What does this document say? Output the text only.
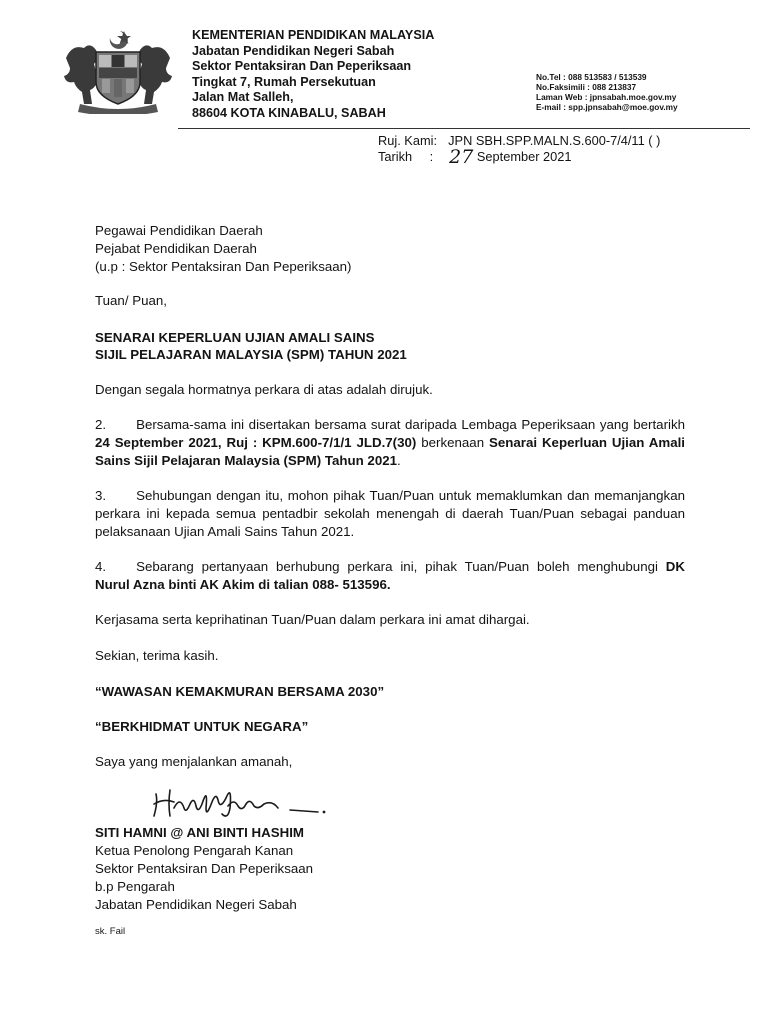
KEMENTERIAN PENDIDIKAN MALAYSIA
Jabatan Pendidikan Negeri Sabah
Sektor Pentaksiran Dan Peperiksaan
Tingkat 7, Rumah Persekutuan
Jalan Mat Salleh,
88604 KOTA KINABALU, SABAH
No.Tel : 088 513583 / 513539
No.Faksimili : 088 213837
Laman Web : jpnsabah.moe.gov.my
E-mail : spp.jpnsabah@moe.gov.my
Ruj. Kami: JPN SBH.SPP.MALN.S.600-7/4/11 ( )
Tarikh : 27 September 2021
Pegawai Pendidikan Daerah
Pejabat Pendidikan Daerah
(u.p : Sektor Pentaksiran Dan Peperiksaan)
Tuan/ Puan,
SENARAI KEPERLUAN UJIAN AMALI SAINS
SIJIL PELAJARAN MALAYSIA (SPM) TAHUN 2021
Dengan segala hormatnya perkara di atas adalah dirujuk.
2. Bersama-sama ini disertakan bersama surat daripada Lembaga Peperiksaan yang bertarikh 24 September 2021, Ruj : KPM.600-7/1/1 JLD.7(30) berkenaan Senarai Keperluan Ujian Amali Sains Sijil Pelajaran Malaysia (SPM) Tahun 2021.
3. Sehubungan dengan itu, mohon pihak Tuan/Puan untuk memaklumkan dan memanjangkan perkara ini kepada semua pentadbir sekolah menengah di daerah Tuan/Puan sebagai panduan pelaksanaan Ujian Amali Sains Tahun 2021.
4. Sebarang pertanyaan berhubung perkara ini, pihak Tuan/Puan boleh menghubungi DK Nurul Azna binti AK Akim di talian 088- 513596.
Kerjasama serta keprihatinan Tuan/Puan dalam perkara ini amat dihargai.
Sekian, terima kasih.
“WAWASAN KEMAKMURAN BERSAMA 2030”
“BERKHIDMAT UNTUK NEGARA”
Saya yang menjalankan amanah,
SITI HAMNI @ ANI BINTI HASHIM
Ketua Penolong Pengarah Kanan
Sektor Pentaksiran Dan Peperiksaan
b.p Pengarah
Jabatan Pendidikan Negeri Sabah
sk. Fail
